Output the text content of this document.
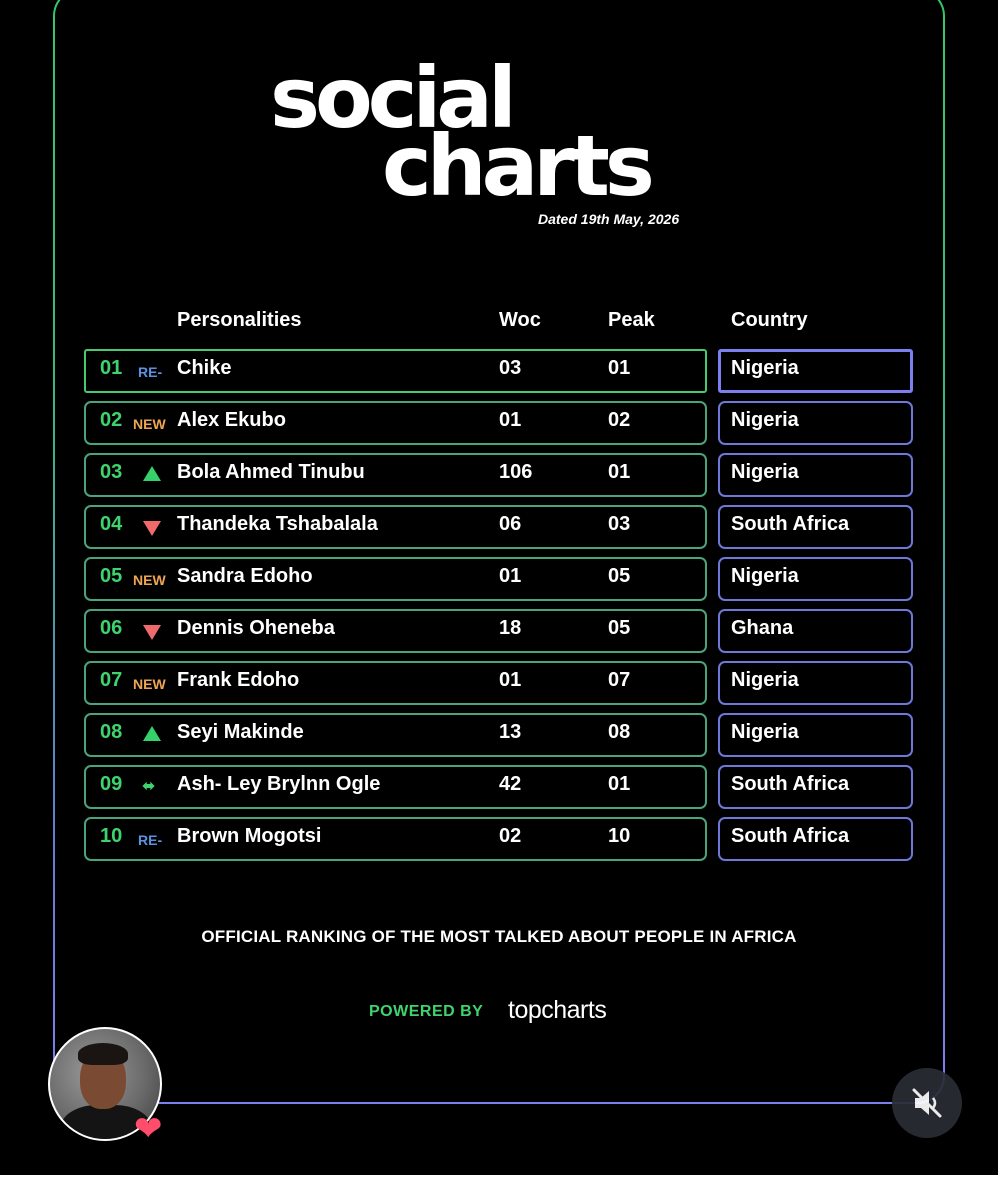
social
charts
Dated 19th May, 2026
Personalities	Woc	Peak	Country
01 RE- Chike	03	01	Nigeria
02 NEW Alex Ekubo	01	02	Nigeria
03	Bola Ahmed Tinubu	106	01	Nigeria
04	Thandeka Tshabalala	06	03	South Africa
05 NEW Sandra Edoho	01	05	Nigeria
06	Dennis Oheneba	18	05	Ghana
07 NEW Frank Edoho	01	07	Nigeria
08	Seyi Makinde	13	08	Nigeria
09 ⬌ Ash- Ley Brylnn Ogle	42	01	South Africa
10 RE- Brown Mogotsi	02	10	South Africa
OFFICIAL RANKING OF THE MOST TALKED ABOUT PEOPLE IN AFRICA
POWERED BY topcharts
❤
